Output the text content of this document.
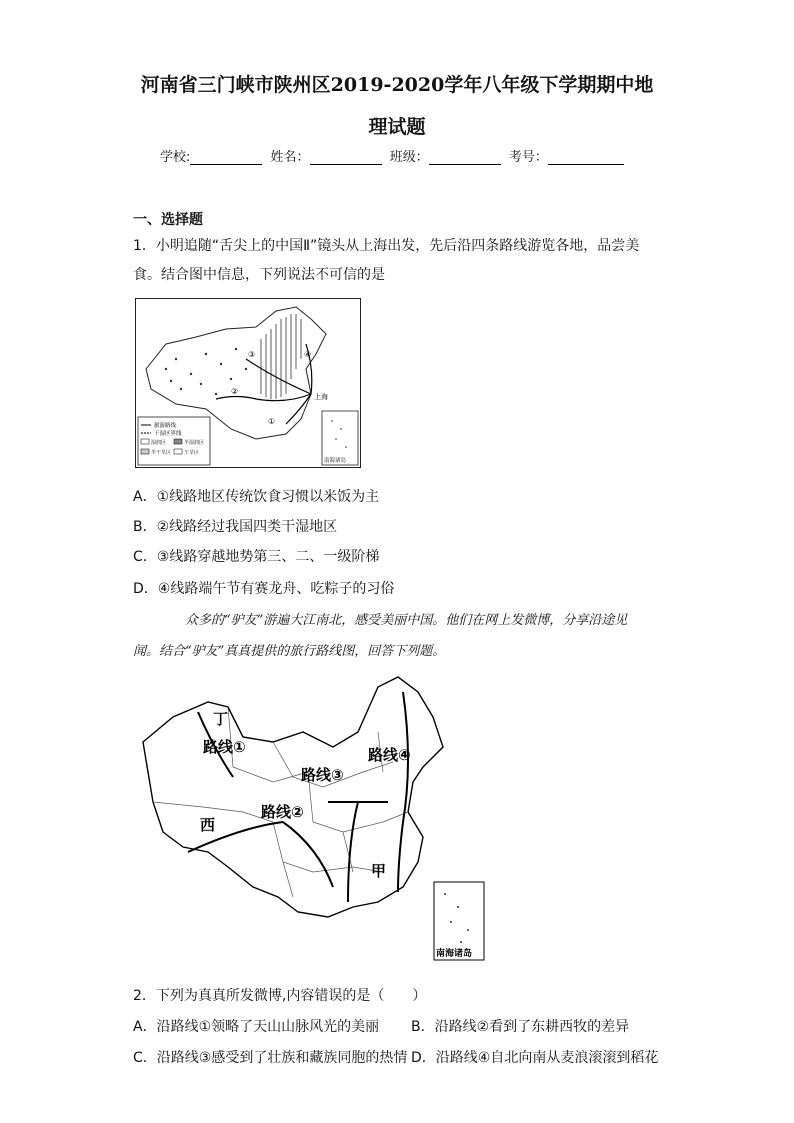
河南省三门峡市陕州区2019-2020学年八年级下学期期中地
理试题
学校:	姓名：	班级：	考号：
一、选择题
1．小明追随“舌尖上的中国Ⅱ”镜头从上海出发，先后沿四条路线游览各地，品尝美
食。结合图中信息，下列说法不可信的是
上海
④
①
②
③
旅游路线
干湿区界线
湿润区	半湿润区
半干旱区	干旱区
南海诸岛
A．①线路地区传统饮食习惯以米饭为主
B．②线路经过我国四类干湿地区
C．③线路穿越地势第三、二、一级阶梯
D．④线路端午节有赛龙舟、吃粽子的习俗
众多的“驴友”游遍大江南北，感受美丽中国。他们在网上发微博，分享沿途见
闻。结合“驴友”真真提供的旅行路线图，回答下列题。
丁
路线①	路线④
路线③
路线②
西
甲
南海诸岛
2．下列为真真所发微博,内容错误的是（　　）
A．沿路线①领略了天山山脉风光的美丽 B．沿路线②看到了东耕西牧的差异
C．沿路线③感受到了壮族和藏族同胞的热情 D．沿路线④自北向南从麦浪滚滚到稻花
